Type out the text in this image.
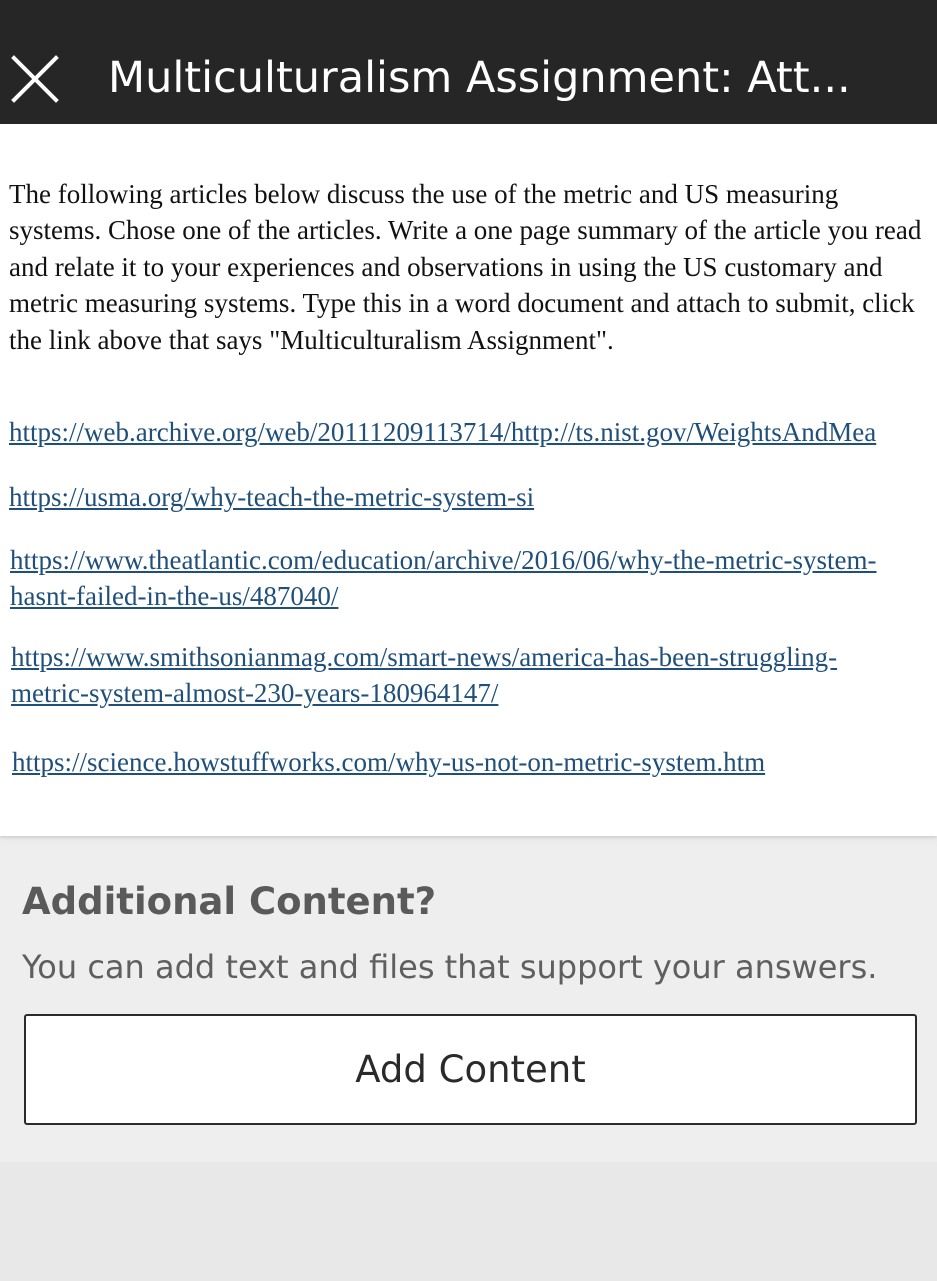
Multiculturalism Assignment: Att...

The following articles below discuss the use of the metric and US measuring systems. Chose one of the articles. Write a one page summary of the article you read and relate it to your experiences and observations in using the US customary and metric measuring systems. Type this in a word document and attach to submit, click the link above that says "Multiculturalism Assignment".

https://web.archive.org/web/20111209113714/http://ts.nist.gov/WeightsAndMea
https://usma.org/why-teach-the-metric-system-si
https://www.theatlantic.com/education/archive/2016/06/why-the-metric-system-hasnt-failed-in-the-us/487040/
https://www.smithsonianmag.com/smart-news/america-has-been-struggling-metric-system-almost-230-years-180964147/
https://science.howstuffworks.com/why-us-not-on-metric-system.htm
Additional Content?
You can add text and files that support your answers.
Add Content
